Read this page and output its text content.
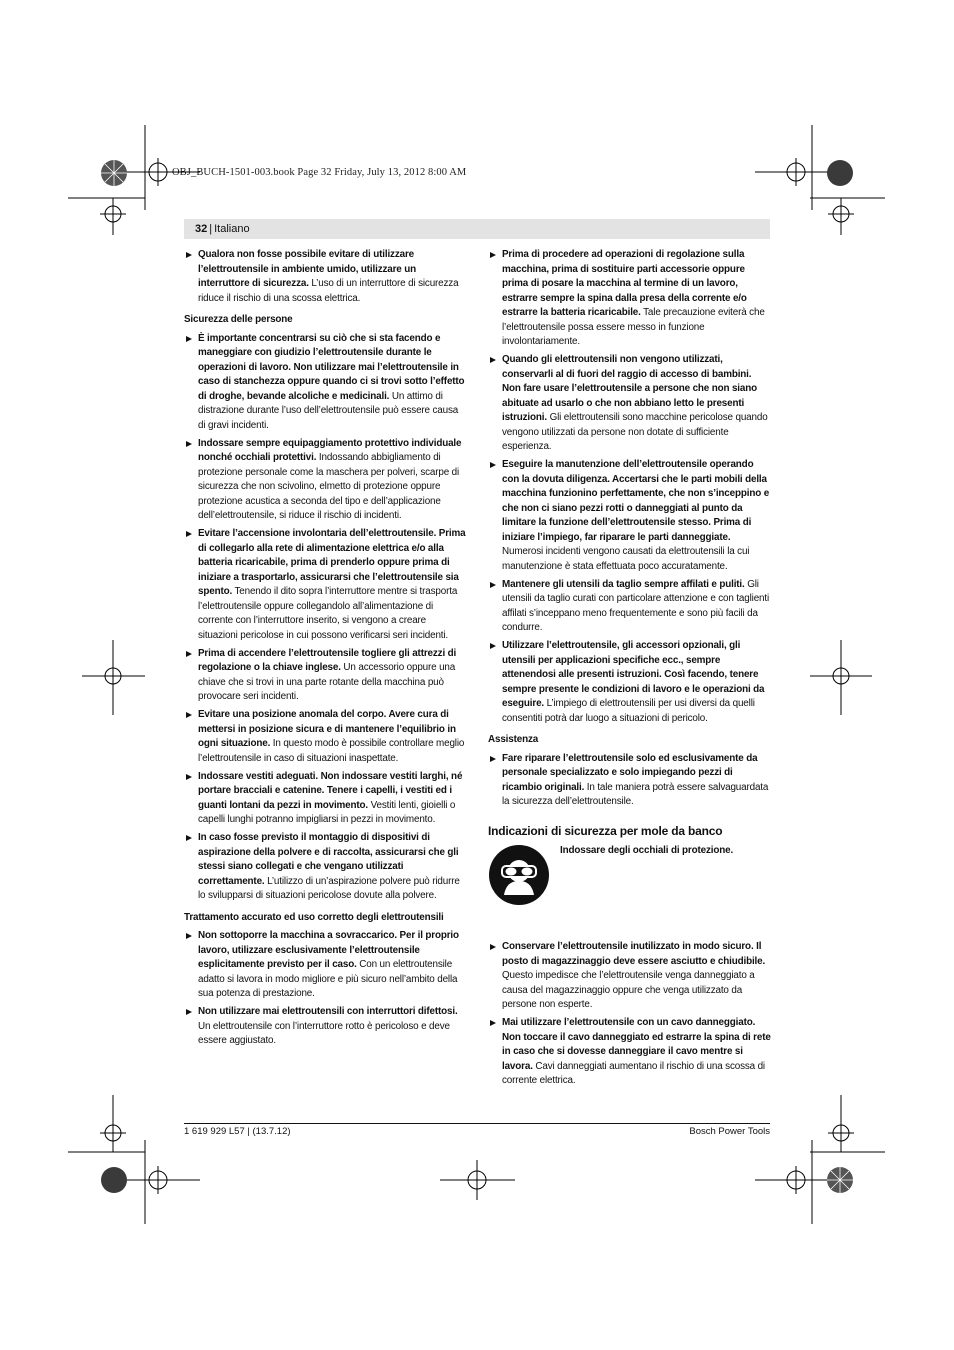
OBJ_BUCH-1501-003.book Page 32 Friday, July 13, 2012 8:00 AM
32 | Italiano
Qualora non fosse possibile evitare di utilizzare l’elettroutensile in ambiente umido, utilizzare un interruttore di sicurezza. L’uso di un interruttore di sicurezza riduce il rischio di una scossa elettrica.
Sicurezza delle persone
È importante concentrarsi su ciò che si sta facendo e maneggiare con giudizio l’elettroutensile durante le operazioni di lavoro. Non utilizzare mai l’elettroutensile in caso di stanchezza oppure quando ci si trovi sotto l’effetto di droghe, bevande alcoliche e medicinali. Un attimo di distrazione durante l’uso dell’elettroutensile può essere causa di gravi incidenti.
Indossare sempre equipaggiamento protettivo individuale nonché occhiali protettivi. Indossando abbigliamento di protezione personale come la maschera per polveri, scarpe di sicurezza che non scivolino, elmetto di protezione oppure protezione acustica a seconda del tipo e dell’applicazione dell’elettroutensile, si riduce il rischio di incidenti.
Evitare l’accensione involontaria dell’elettroutensile. Prima di collegarlo alla rete di alimentazione elettrica e/o alla batteria ricaricabile, prima di prenderlo oppure prima di iniziare a trasportarlo, assicurarsi che l’elettroutensile sia spento. Tenendo il dito sopra l’interruttore mentre si trasporta l’elettroutensile oppure collegandolo all’alimentazione di corrente con l’interruttore inserito, si vengono a creare situazioni pericolose in cui possono verificarsi seri incidenti.
Prima di accendere l’elettroutensile togliere gli attrezzi di regolazione o la chiave inglese. Un accessorio oppure una chiave che si trovi in una parte rotante della macchina può provocare seri incidenti.
Evitare una posizione anomala del corpo. Avere cura di mettersi in posizione sicura e di mantenere l’equilibrio in ogni situazione. In questo modo è possibile controllare meglio l’elettroutensile in caso di situazioni inaspettate.
Indossare vestiti adeguati. Non indossare vestiti larghi, né portare bracciali e catenine. Tenere i capelli, i vestiti ed i guanti lontani da pezzi in movimento. Vestiti lenti, gioielli o capelli lunghi potranno impigliarsi in pezzi in movimento.
In caso fosse previsto il montaggio di dispositivi di aspirazione della polvere e di raccolta, assicurarsi che gli stessi siano collegati e che vengano utilizzati correttamente. L’utilizzo di un’aspirazione polvere può ridurre lo svilupparsi di situazioni pericolose dovute alla polvere.
Trattamento accurato ed uso corretto degli elettroutensili
Non sottoporre la macchina a sovraccarico. Per il proprio lavoro, utilizzare esclusivamente l’elettroutensile esplicitamente previsto per il caso. Con un elettroutensile adatto si lavora in modo migliore e più sicuro nell’ambito della sua potenza di prestazione.
Non utilizzare mai elettroutensili con interruttori difettosi. Un elettroutensile con l’interruttore rotto è pericoloso e deve essere aggiustato.
Prima di procedere ad operazioni di regolazione sulla macchina, prima di sostituire parti accessorie oppure prima di posare la macchina al termine di un lavoro, estrarre sempre la spina dalla presa della corrente e/o estrarre la batteria ricaricabile. Tale precauzione eviterà che l’elettroutensile possa essere messo in funzione involontariamente.
Quando gli elettroutensili non vengono utilizzati, conservarli al di fuori del raggio di accesso di bambini. Non fare usare l’elettroutensile a persone che non siano abituate ad usarlo o che non abbiano letto le presenti istruzioni. Gli elettroutensili sono macchine pericolose quando vengono utilizzati da persone non dotate di sufficiente esperienza.
Eseguire la manutenzione dell’elettroutensile operando con la dovuta diligenza. Accertarsi che le parti mobili della macchina funzionino perfettamente, che non s’inceppino e che non ci siano pezzi rotti o danneggiati al punto da limitare la funzione dell’elettroutensile stesso. Prima di iniziare l’impiego, far riparare le parti danneggiate. Numerosi incidenti vengono causati da elettroutensili la cui manutenzione è stata effettuata poco accuratamente.
Mantenere gli utensili da taglio sempre affilati e puliti. Gli utensili da taglio curati con particolare attenzione e con taglienti affilati s’inceppano meno frequentemente e sono più facili da condurre.
Utilizzare l’elettroutensile, gli accessori opzionali, gli utensili per applicazioni specifiche ecc., sempre attenendosi alle presenti istruzioni. Così facendo, tenere sempre presente le condizioni di lavoro e le operazioni da eseguire. L’impiego di elettroutensili per usi diversi da quelli consentiti potrà dar luogo a situazioni di pericolo.
Assistenza
Fare riparare l’elettroutensile solo ed esclusivamente da personale specializzato e solo impiegando pezzi di ricambio originali. In tale maniera potrà essere salvaguardata la sicurezza dell’elettroutensile.
Indicazioni di sicurezza per mole da banco
Indossare degli occhiali di protezione.
Conservare l’elettroutensile inutilizzato in modo sicuro. Il posto di magazzinaggio deve essere asciutto e chiudibile. Questo impedisce che l’elettroutensile venga danneggiato a causa del magazzinaggio oppure che venga utilizzato da persone non esperte.
Mai utilizzare l’elettroutensile con un cavo danneggiato. Non toccare il cavo danneggiato ed estrarre la spina di rete in caso che si dovesse danneggiare il cavo mentre si lavora. Cavi danneggiati aumentano il rischio di una scossa di corrente elettrica.
1 619 929 L57 | (13.7.12)	Bosch Power Tools
